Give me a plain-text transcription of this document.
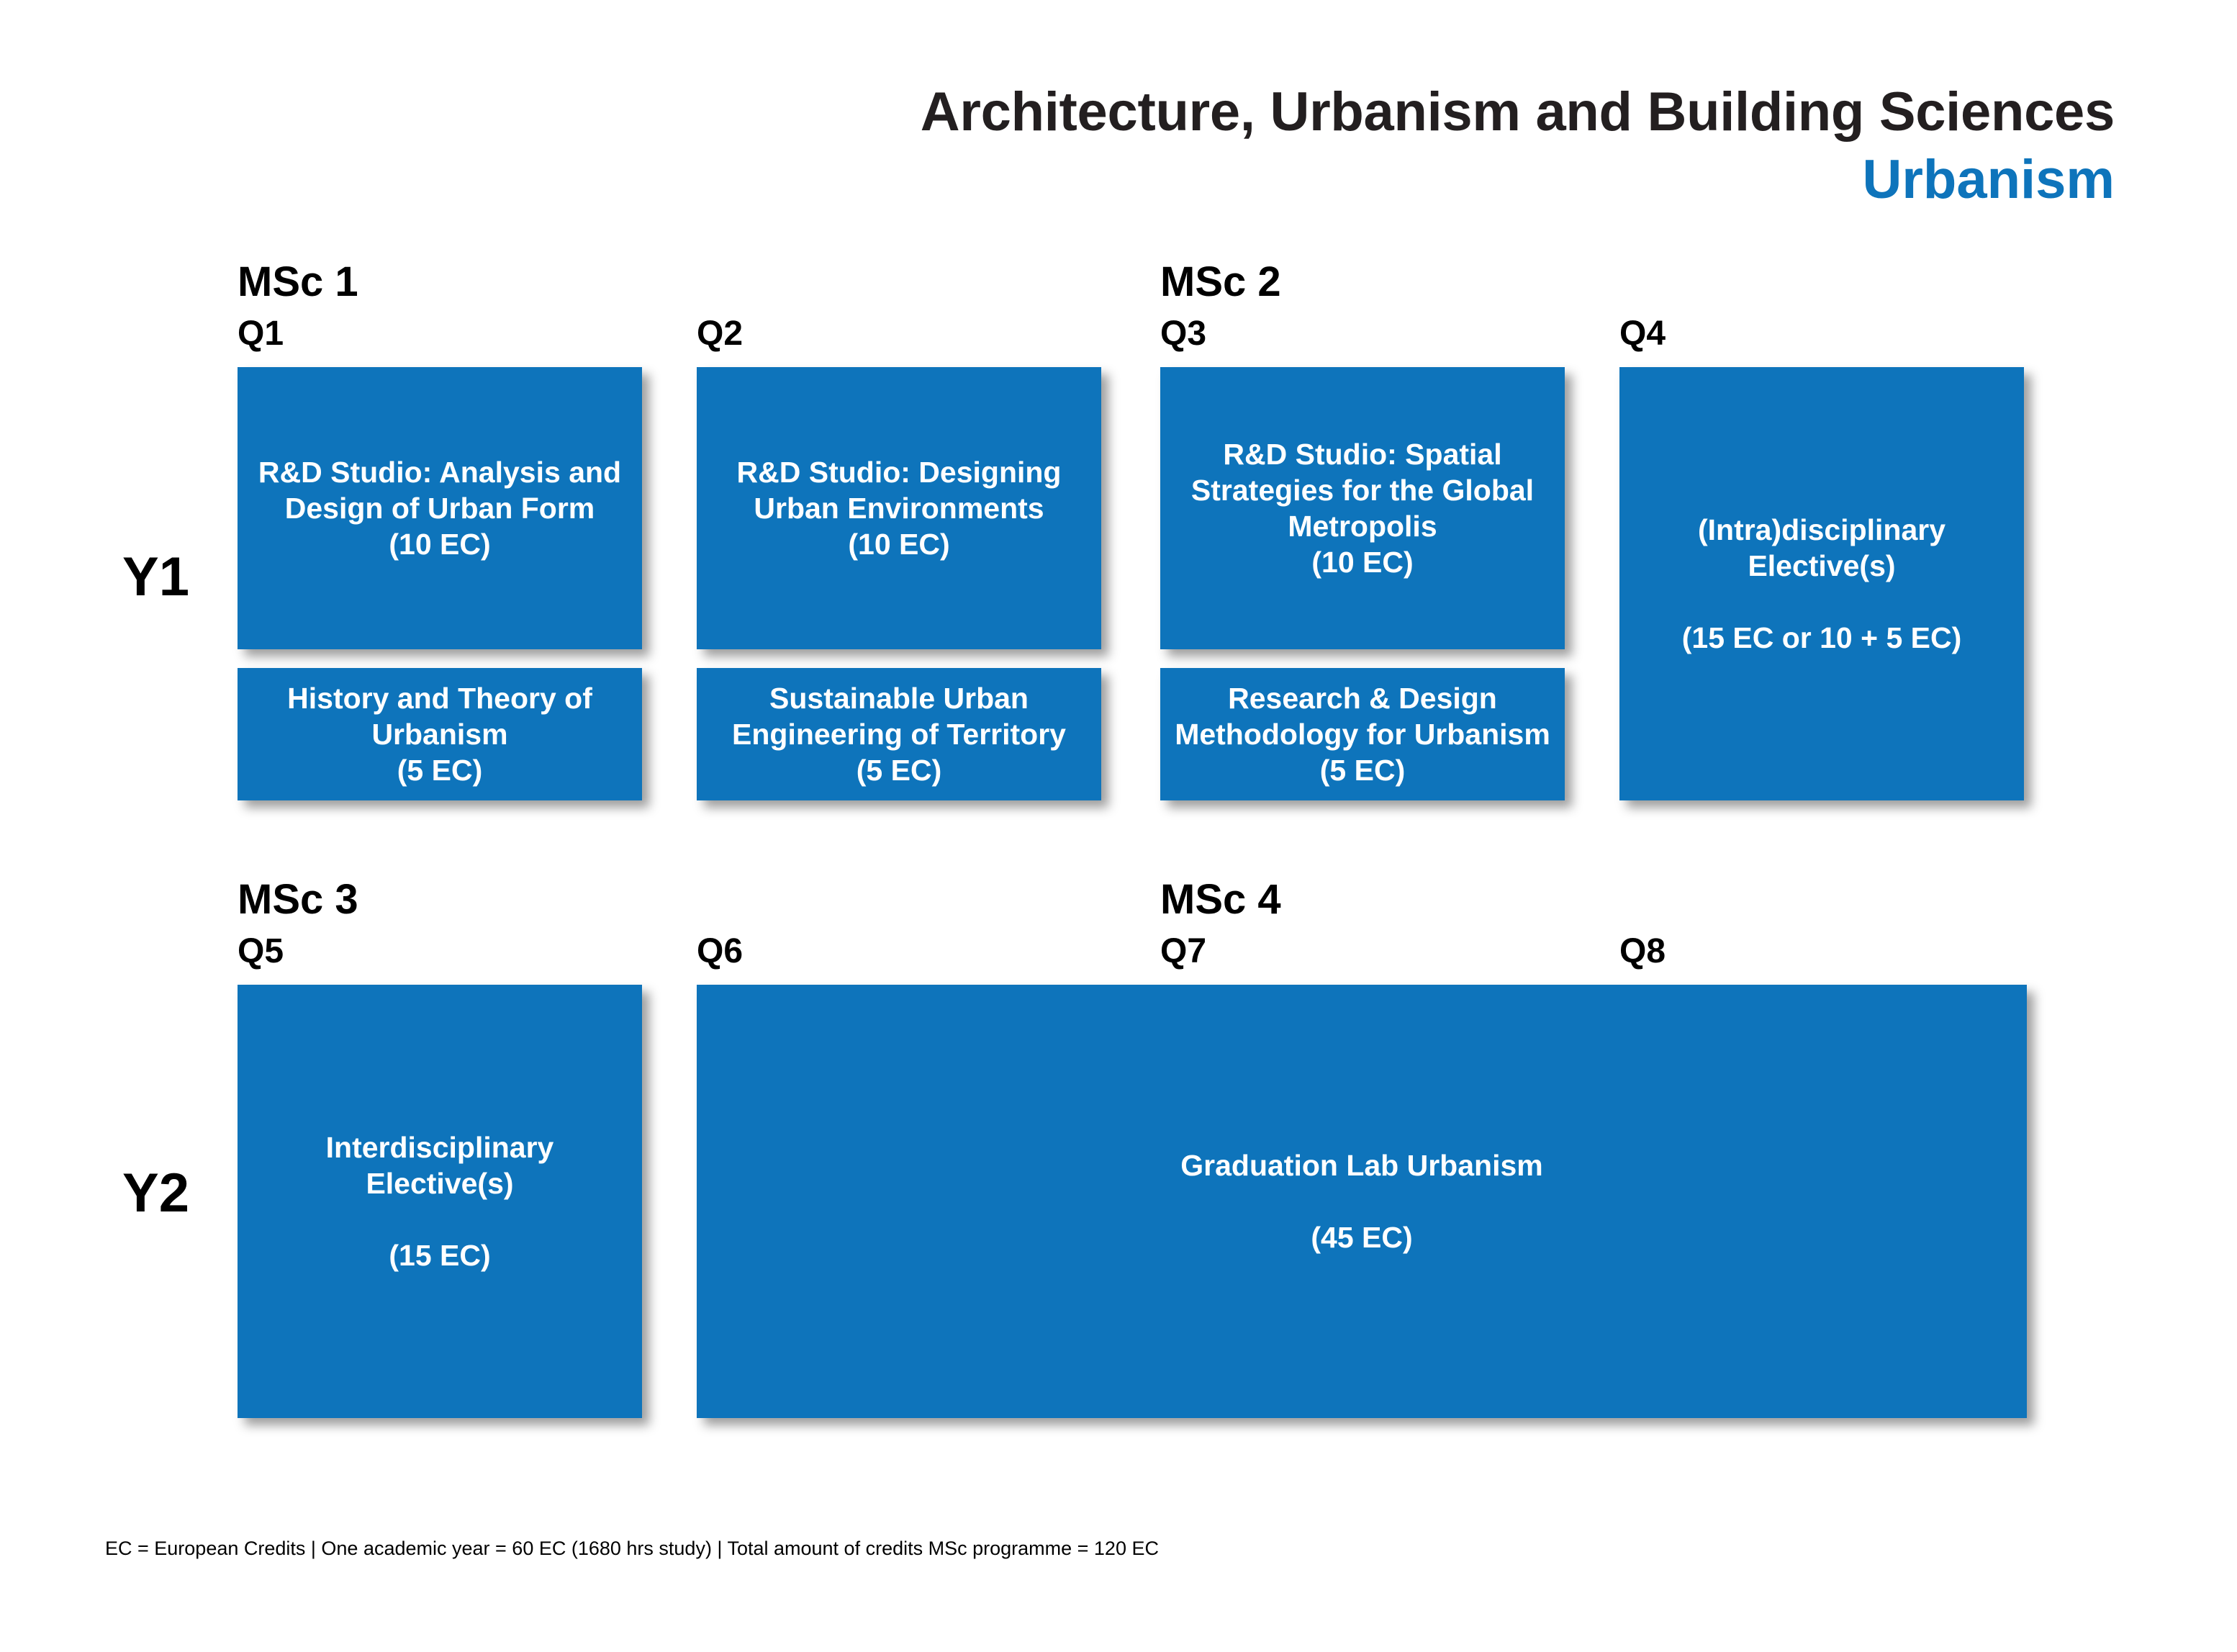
Architecture, Urbanism and Building Sciences
Urbanism
MSc 1	MSc 2
Q1	Q2	Q3	Q4
Y1
R&D Studio: Analysis and
Design of Urban Form
(10 EC)
R&D Studio: Designing
Urban Environments
(10 EC)
R&D Studio: Spatial
Strategies for the Global
Metropolis
(10 EC)
(Intra)disciplinary
Elective(s)
(15 EC or 10 + 5 EC)
History and Theory of
Urbanism
(5 EC)
Sustainable Urban
Engineering of Territory
(5 EC)
Research & Design
Methodology for Urbanism
(5 EC)
MSc 3	MSc 4
Q5	Q6	Q7	Q8
Y2
Interdisciplinary
Elective(s)
(15 EC)
Graduation Lab Urbanism
(45 EC)
EC = European Credits | One academic year = 60 EC (1680 hrs study) | Total amount of credits MSc programme = 120 EC
